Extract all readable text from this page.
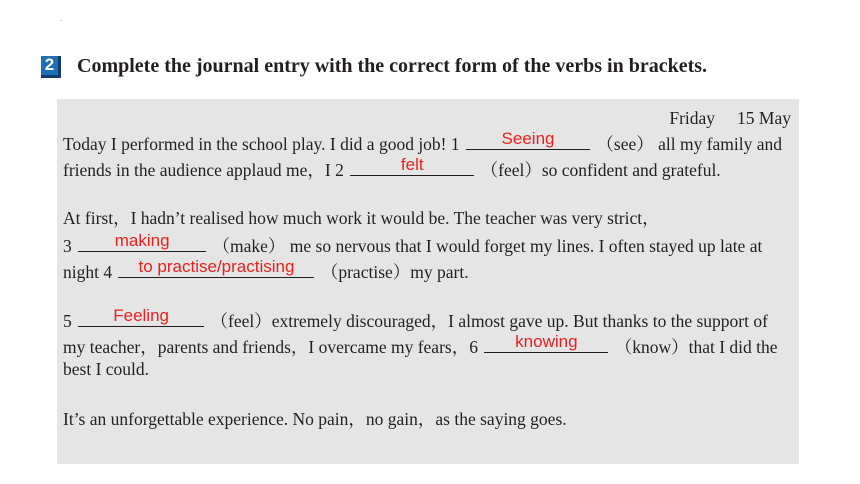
.
2	Complete the journal entry with the correct form of the verbs in brackets.
Friday 15 May
Today I performed in the school play. I did a good job! 1	Seeing	（see） all my family and
friends in the audience applaud me，I 2	felt	（feel）so confident and grateful.
At first，I hadn’t realised how much work it would be. The teacher was very strict，
3	making	（make） me so nervous that I would forget my lines. I often stayed up late at
night 4	to practise/practising	（practise）my part.
5	Feeling	（feel）extremely discouraged，I almost gave up. But thanks to the support of
my teacher，parents and friends，I overcame my fears，6	knowing	（know）that I did the
best I could.
It’s an unforgettable experience. No pain，no gain，as the saying goes.
